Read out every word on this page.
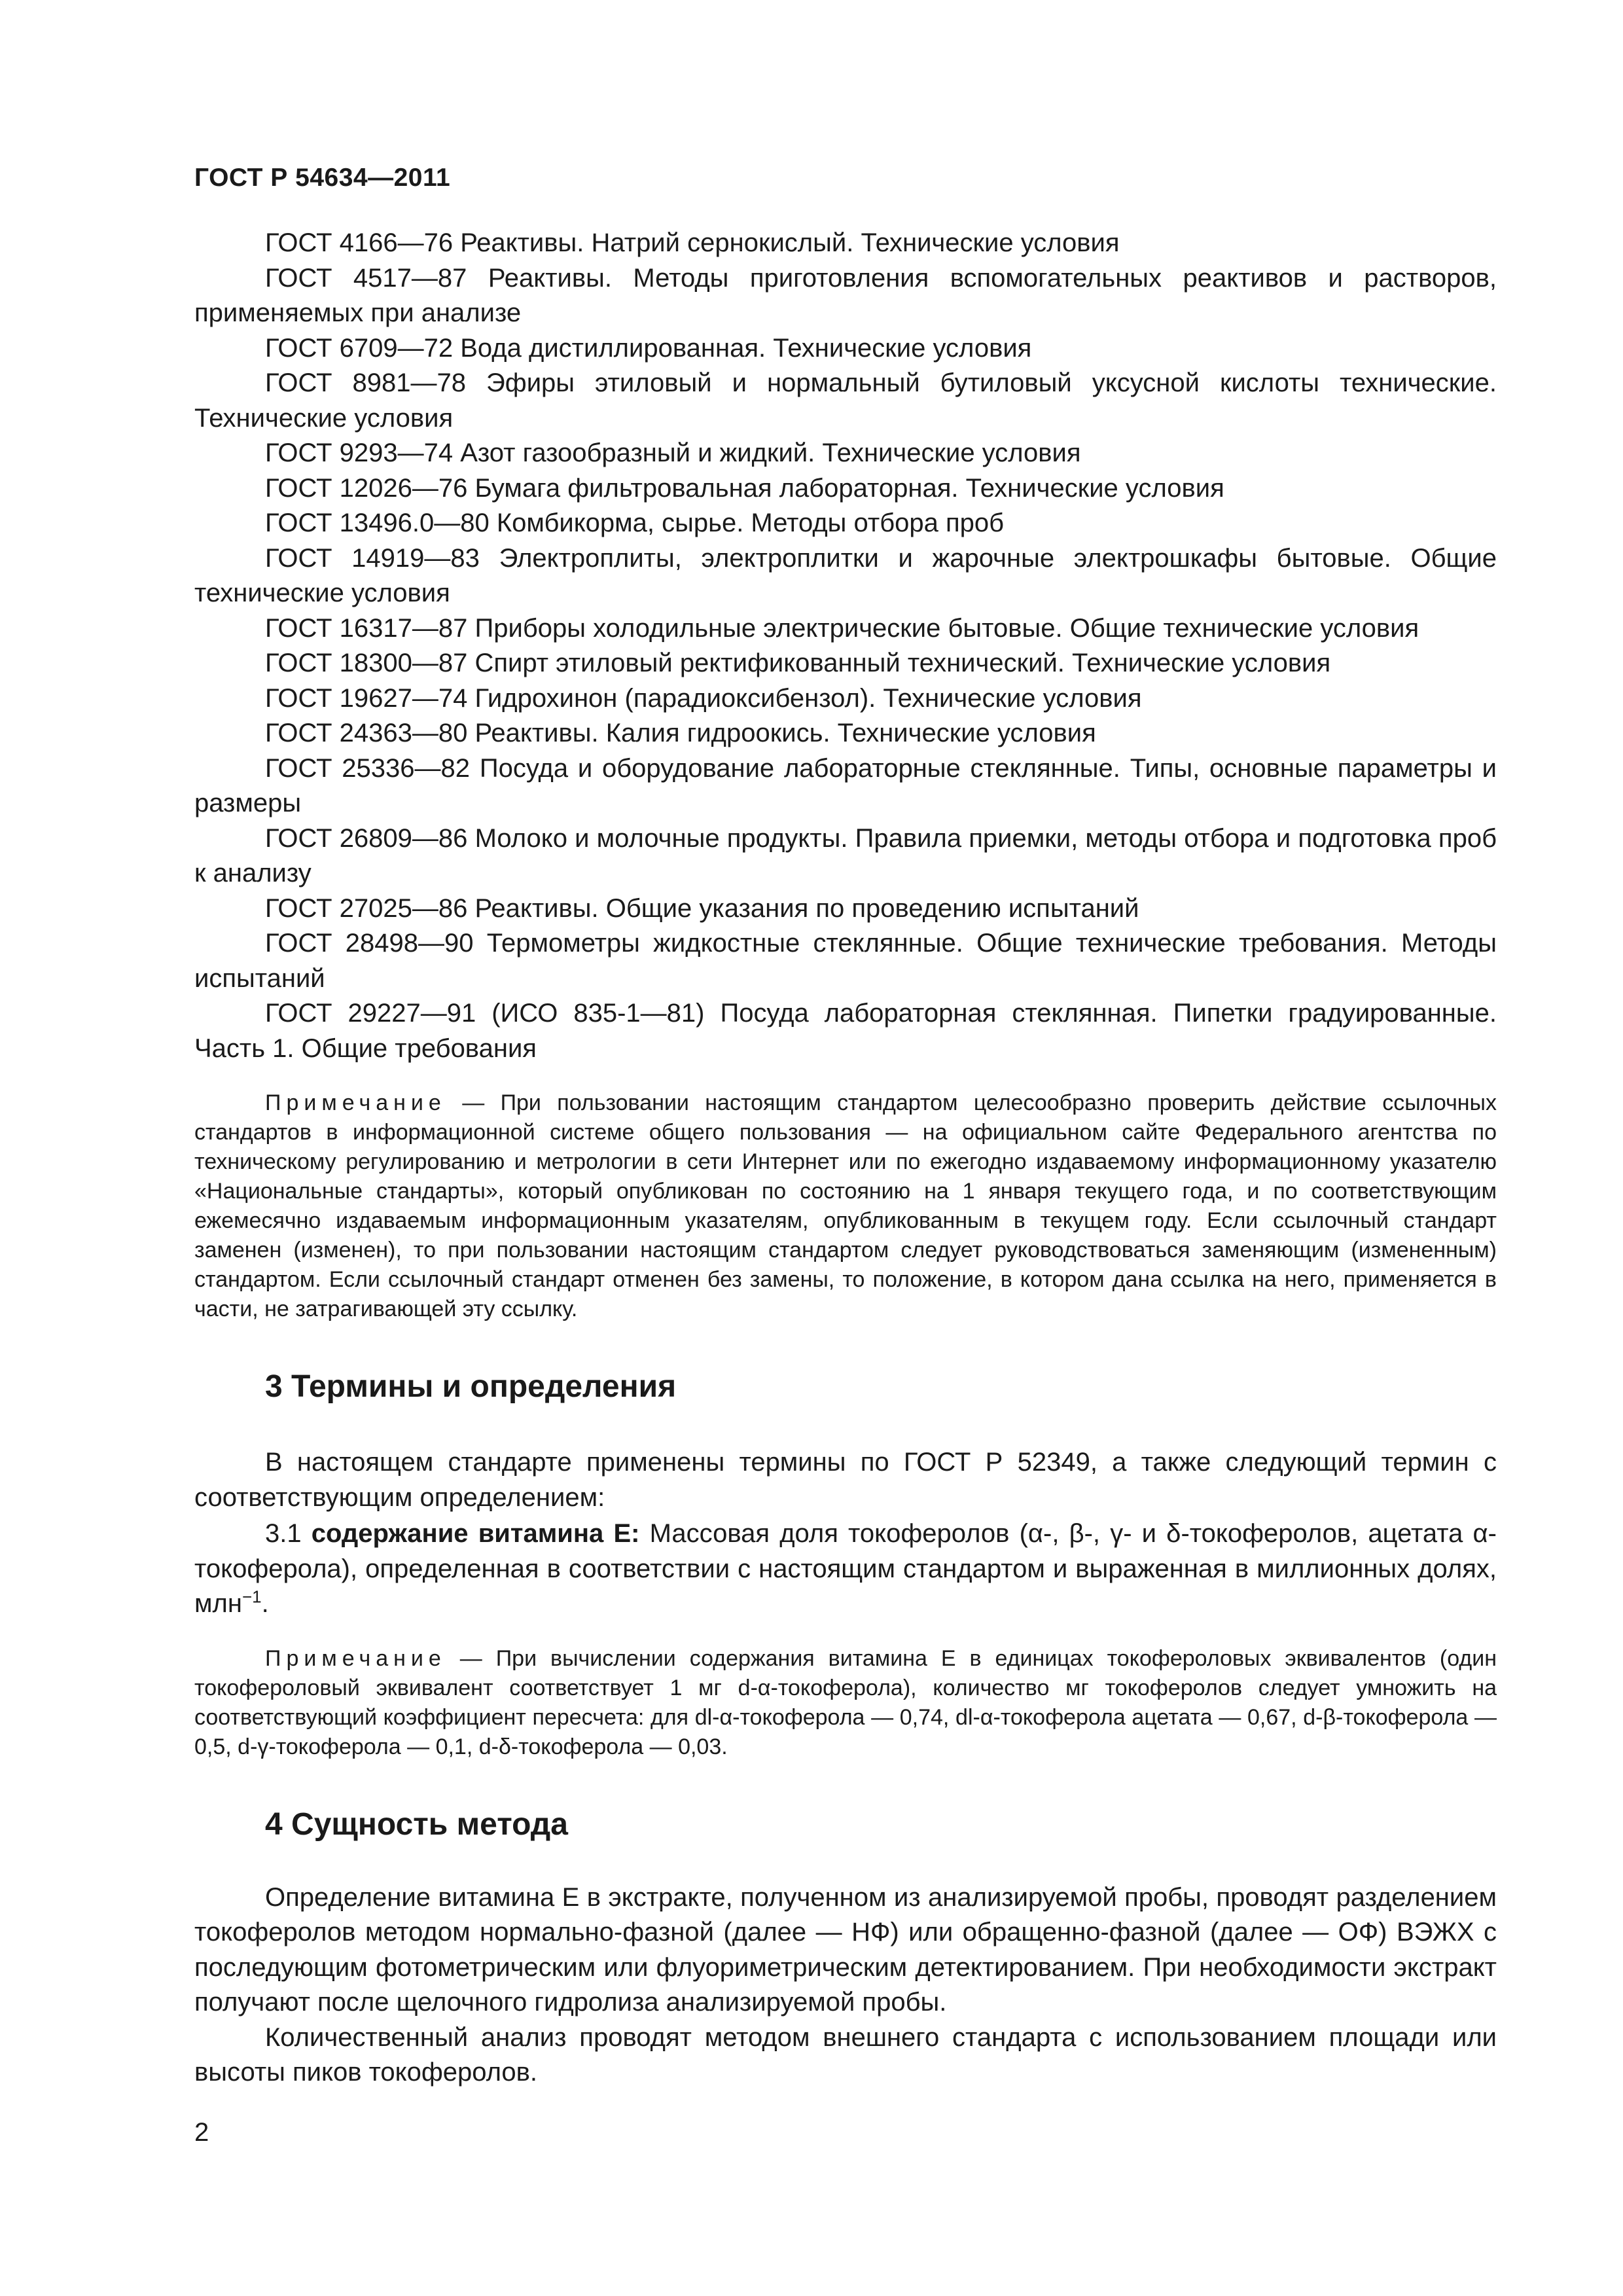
ГОСТ Р 54634—2011

ГОСТ 4166—76 Реактивы. Натрий сернокислый. Технические условия

ГОСТ 4517—87 Реактивы. Методы приготовления вспомогательных реактивов и растворов, применяемых при анализе

ГОСТ 6709—72 Вода дистиллированная. Технические условия

ГОСТ 8981—78 Эфиры этиловый и нормальный бутиловый уксусной кислоты технические. Технические условия

ГОСТ 9293—74 Азот газообразный и жидкий. Технические условия

ГОСТ 12026—76 Бумага фильтровальная лабораторная. Технические условия

ГОСТ 13496.0—80 Комбикорма, сырье. Методы отбора проб

ГОСТ 14919—83 Электроплиты, электроплитки и жарочные электрошкафы бытовые. Общие технические условия

ГОСТ 16317—87 Приборы холодильные электрические бытовые. Общие технические условия

ГОСТ 18300—87 Спирт этиловый ректификованный технический. Технические условия

ГОСТ 19627—74 Гидрохинон (парадиоксибензол). Технические условия

ГОСТ 24363—80 Реактивы. Калия гидроокись. Технические условия

ГОСТ 25336—82 Посуда и оборудование лабораторные стеклянные. Типы, основные параметры и размеры

ГОСТ 26809—86 Молоко и молочные продукты. Правила приемки, методы отбора и подготовка проб к анализу

ГОСТ 27025—86 Реактивы. Общие указания по проведению испытаний

ГОСТ 28498—90 Термометры жидкостные стеклянные. Общие технические требования. Методы испытаний

ГОСТ 29227—91 (ИСО 835-1—81) Посуда лабораторная стеклянная. Пипетки градуированные. Часть 1. Общие требования

Примечание — При пользовании настоящим стандартом целесообразно проверить действие ссылочных стандартов в информационной системе общего пользования — на официальном сайте Федерального агентства по техническому регулированию и метрологии в сети Интернет или по ежегодно издаваемому информационному указателю «Национальные стандарты», который опубликован по состоянию на 1 января текущего года, и по соответствующим ежемесячно издаваемым информационным указателям, опубликованным в текущем году. Если ссылочный стандарт заменен (изменен), то при пользовании настоящим стандартом следует руководствоваться заменяющим (измененным) стандартом. Если ссылочный стандарт отменен без замены, то положение, в котором дана ссылка на него, применяется в части, не затрагивающей эту ссылку.

3 Термины и определения

В настоящем стандарте применены термины по ГОСТ Р 52349, а также следующий термин с соответствующим определением:

3.1 содержание витамина Е: Массовая доля токоферолов (α-, β-, γ- и δ-токоферолов, ацетата α-токоферола), определенная в соответствии с настоящим стандартом и выраженная в миллионных долях, млн$^{-1}$.

Примечание — При вычислении содержания витамина Е в единицах токофероловых эквивалентов (один токофероловый эквивалент соответствует 1 мг d-α-токоферола), количество мг токоферолов следует умножить на соответствующий коэффициент пересчета: для dl-α-токоферола — 0,74, dl-α-токоферола ацетата — 0,67, d-β-токоферола — 0,5, d-γ-токоферола — 0,1, d-δ-токоферола — 0,03.

4 Сущность метода

Определение витамина Е в экстракте, полученном из анализируемой пробы, проводят разделением токоферолов методом нормально-фазной (далее — НФ) или обращенно-фазной (далее — ОФ) ВЭЖХ с последующим фотометрическим или флуориметрическим детектированием. При необходимости экстракт получают после щелочного гидролиза анализируемой пробы.

Количественный анализ проводят методом внешнего стандарта с использованием площади или высоты пиков токоферолов.

2
